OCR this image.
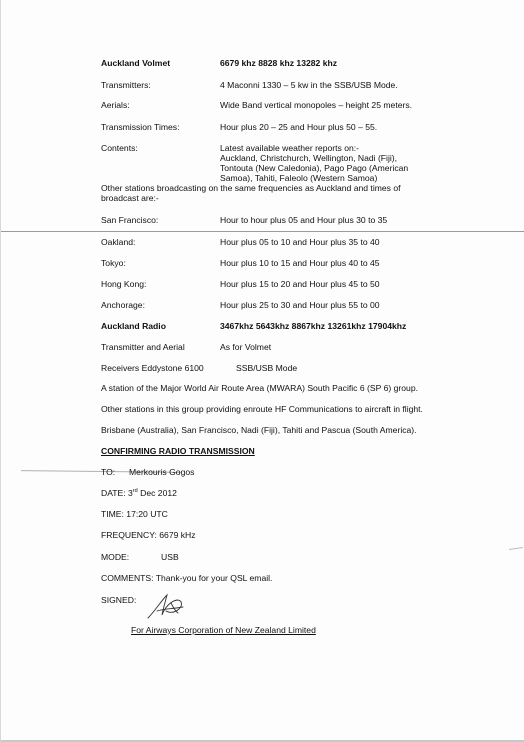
Auckland Volmet	6679 khz 8828 khz 13282 khz
Transmitters:	4 Maconni 1330 – 5 kw in the SSB/USB Mode.
Aerials:	Wide Band vertical monopoles – height 25 meters.
Transmission Times:	Hour plus 20 – 25 and Hour plus 50 – 55.
Contents:	Latest available weather reports on:-
Auckland, Christchurch, Wellington, Nadi (Fiji),
Tontouta (New Caledonia), Pago Pago (American
Samoa), Tahiti, Faleolo (Western Samoa)
Other stations broadcasting on the same frequencies as Auckland and times of
broadcast are:-
San Francisco:	Hour to hour plus 05 and Hour plus 30 to 35
Oakland:	Hour plus 05 to 10 and Hour plus 35 to 40
Tokyo:	Hour plus 10 to 15 and Hour plus 40 to 45
Hong Kong:	Hour plus 15 to 20 and Hour plus 45 to 50
Anchorage:	Hour plus 25 to 30 and Hour plus 55 to 00
Auckland Radio	3467khz 5643khz 8867khz 13261khz 17904khz
Transmitter and Aerial	As for Volmet
Receivers Eddystone 6100	SSB/USB Mode
A station of the Major World Air Route Area (MWARA) South Pacific 6 (SP 6) group.
Other stations in this group providing enroute HF Communications to aircraft in flight.
Brisbane (Australia), San Francisco, Nadi (Fiji), Tahiti and Pascua (South America).
CONFIRMING RADIO TRANSMISSION
TO: Merkouris Gogos
DATE: 3rd Dec 2012
TIME: 17:20 UTC
FREQUENCY: 6679 kHz
MODE:	USB
COMMENTS: Thank-you for your QSL email.
SIGNED:
For Airways Corporation of New Zealand Limited
